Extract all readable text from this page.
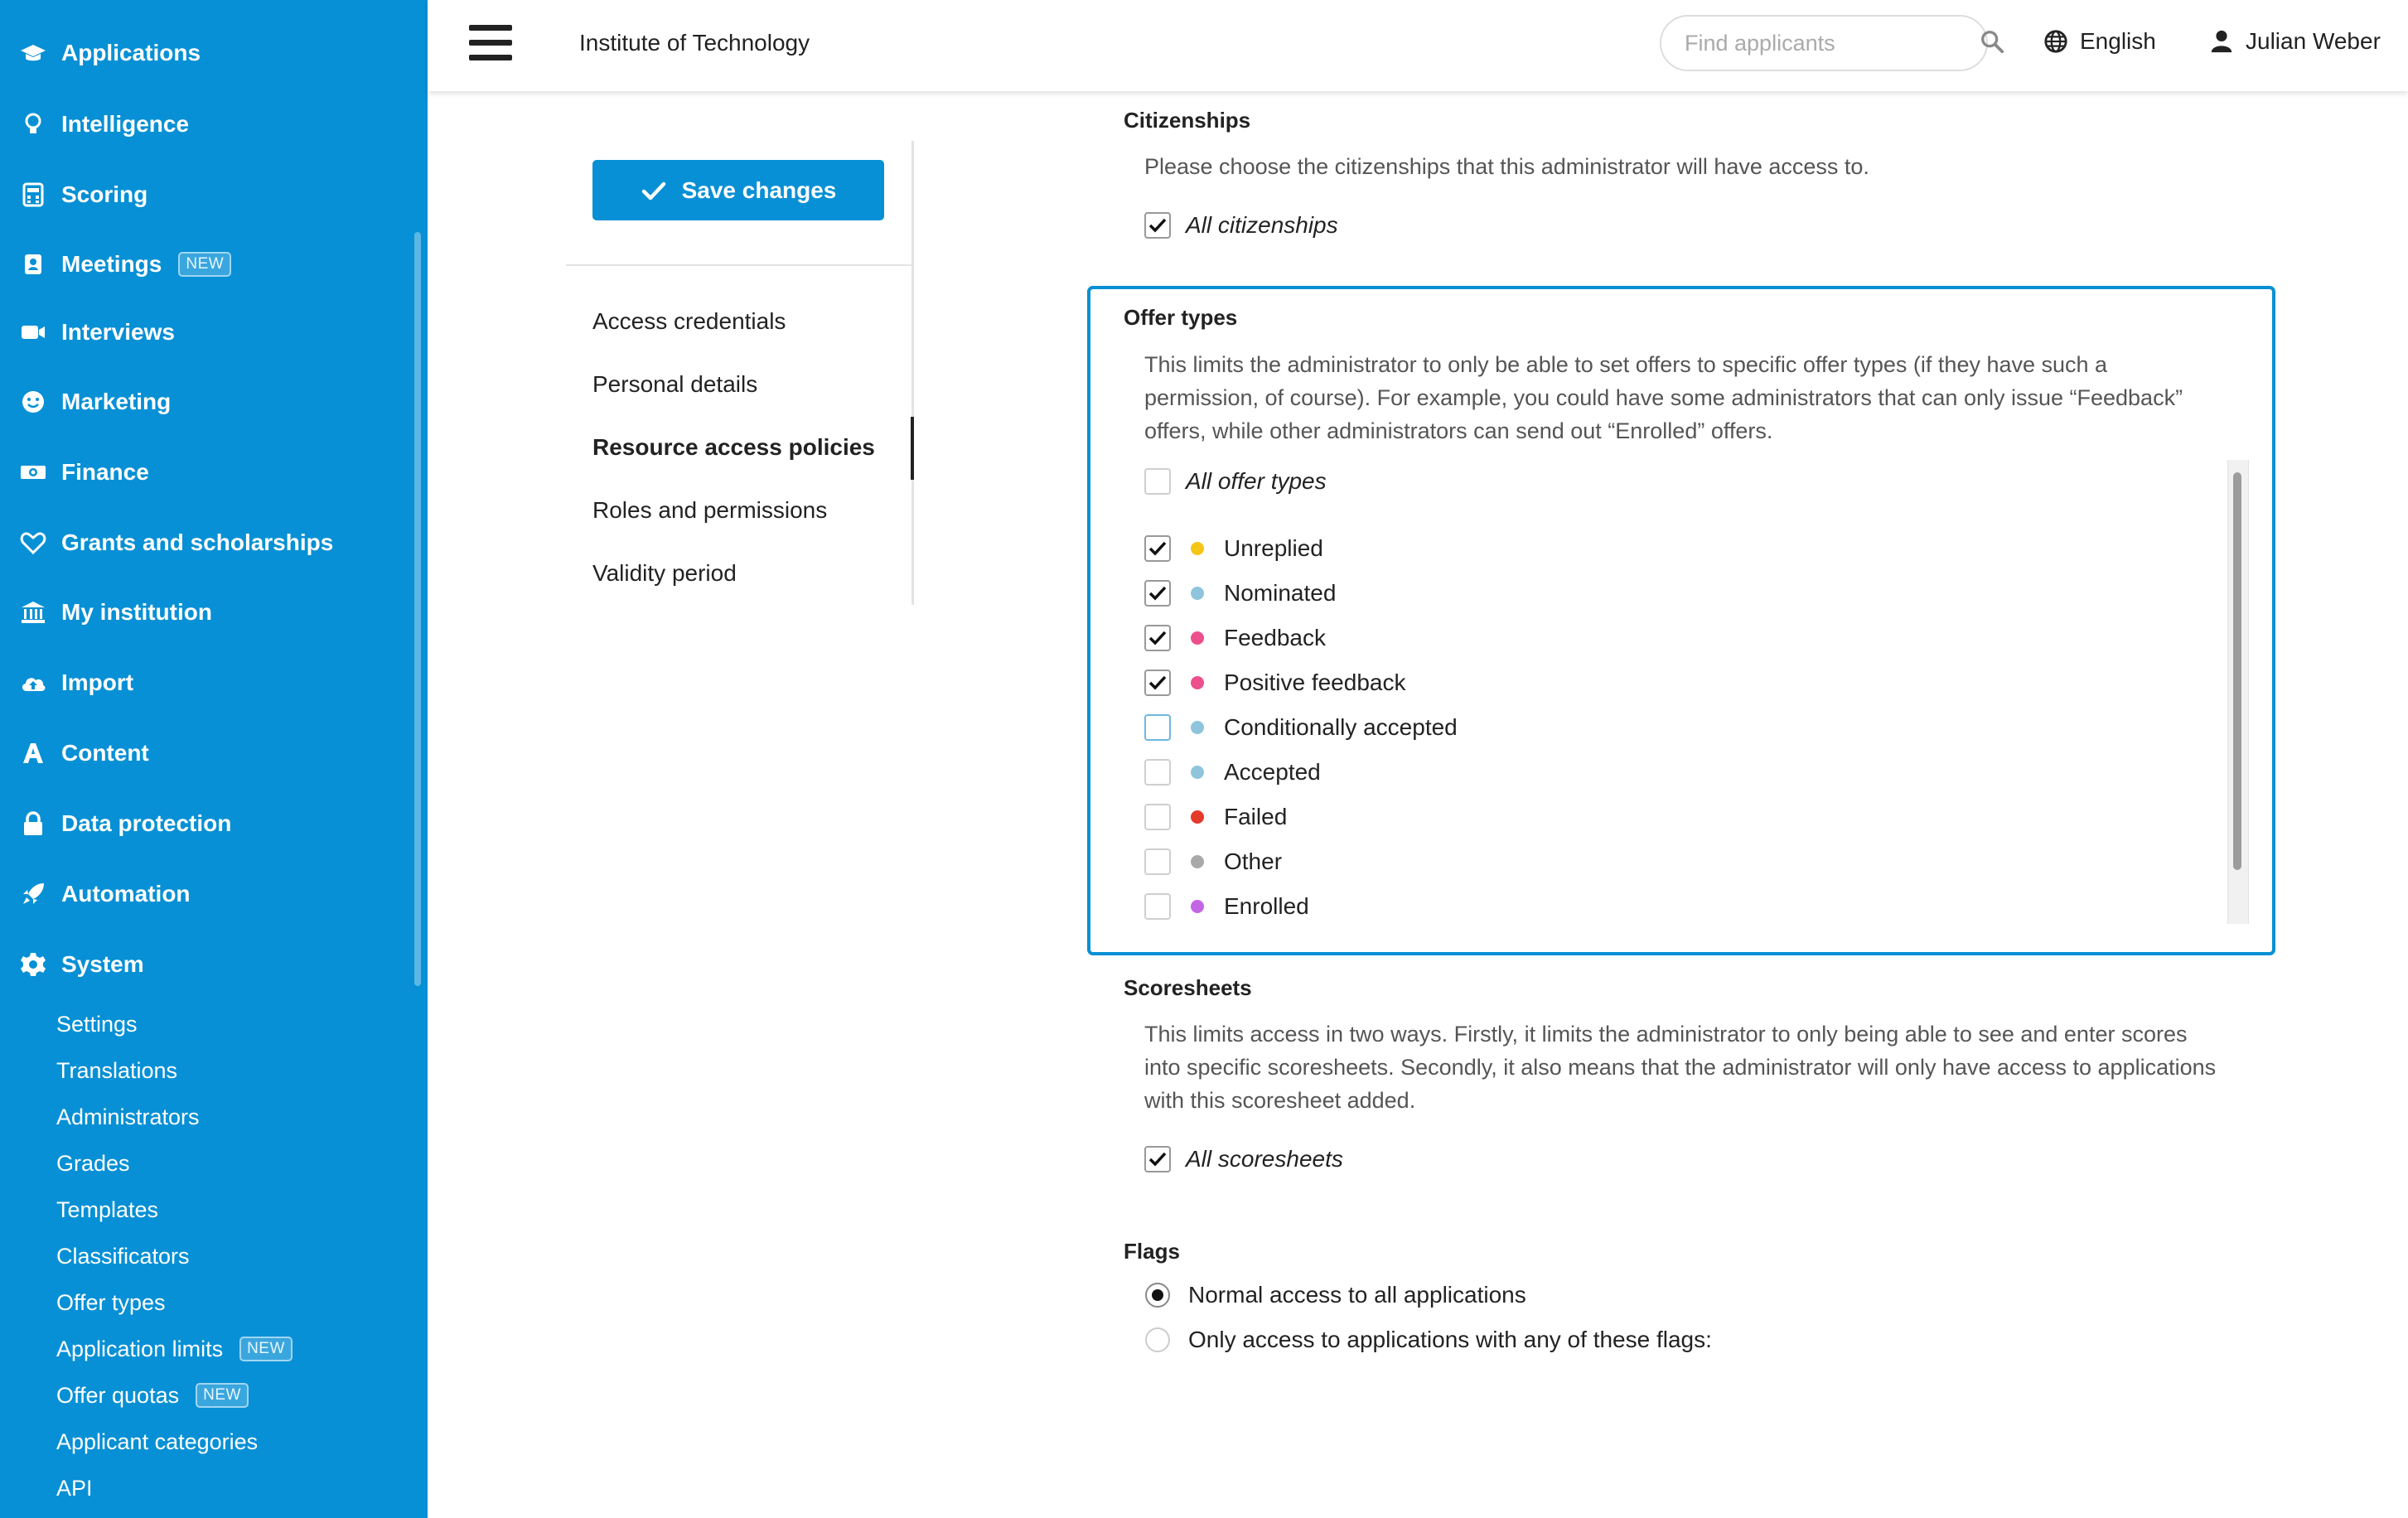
Applications
Intelligence
Scoring
Meetings	NEW
Interviews
Marketing
Finance
Grants and scholarships
My institution
Import
Content
Data protection
Automation
System
Settings
Translations
Administrators
Grades
Templates
Classificators
Offer types
Application limits	NEW
Offer quotas	NEW
Applicant categories
API
Institute of Technology
Find applicants	English	Julian Weber
Save changes
Access credentials
Personal details
Resource access policies
Roles and permissions
Validity period
Citizenships
Please choose the citizenships that this administrator will have access to.
All citizenships
Offer types
This limits the administrator to only be able to set offers to specific offer types (if they have such a
permission, of course). For example, you could have some administrators that can only issue “Feedback”
offers, while other administrators can send out “Enrolled” offers.
All offer types
Unreplied
Nominated
Feedback
Positive feedback
Conditionally accepted
Accepted
Failed
Other
Enrolled
Scoresheets
This limits access in two ways. Firstly, it limits the administrator to only being able to see and enter scores
into specific scoresheets. Secondly, it also means that the administrator will only have access to applications
with this scoresheet added.
All scoresheets
Flags
Normal access to all applications
Only access to applications with any of these flags:
